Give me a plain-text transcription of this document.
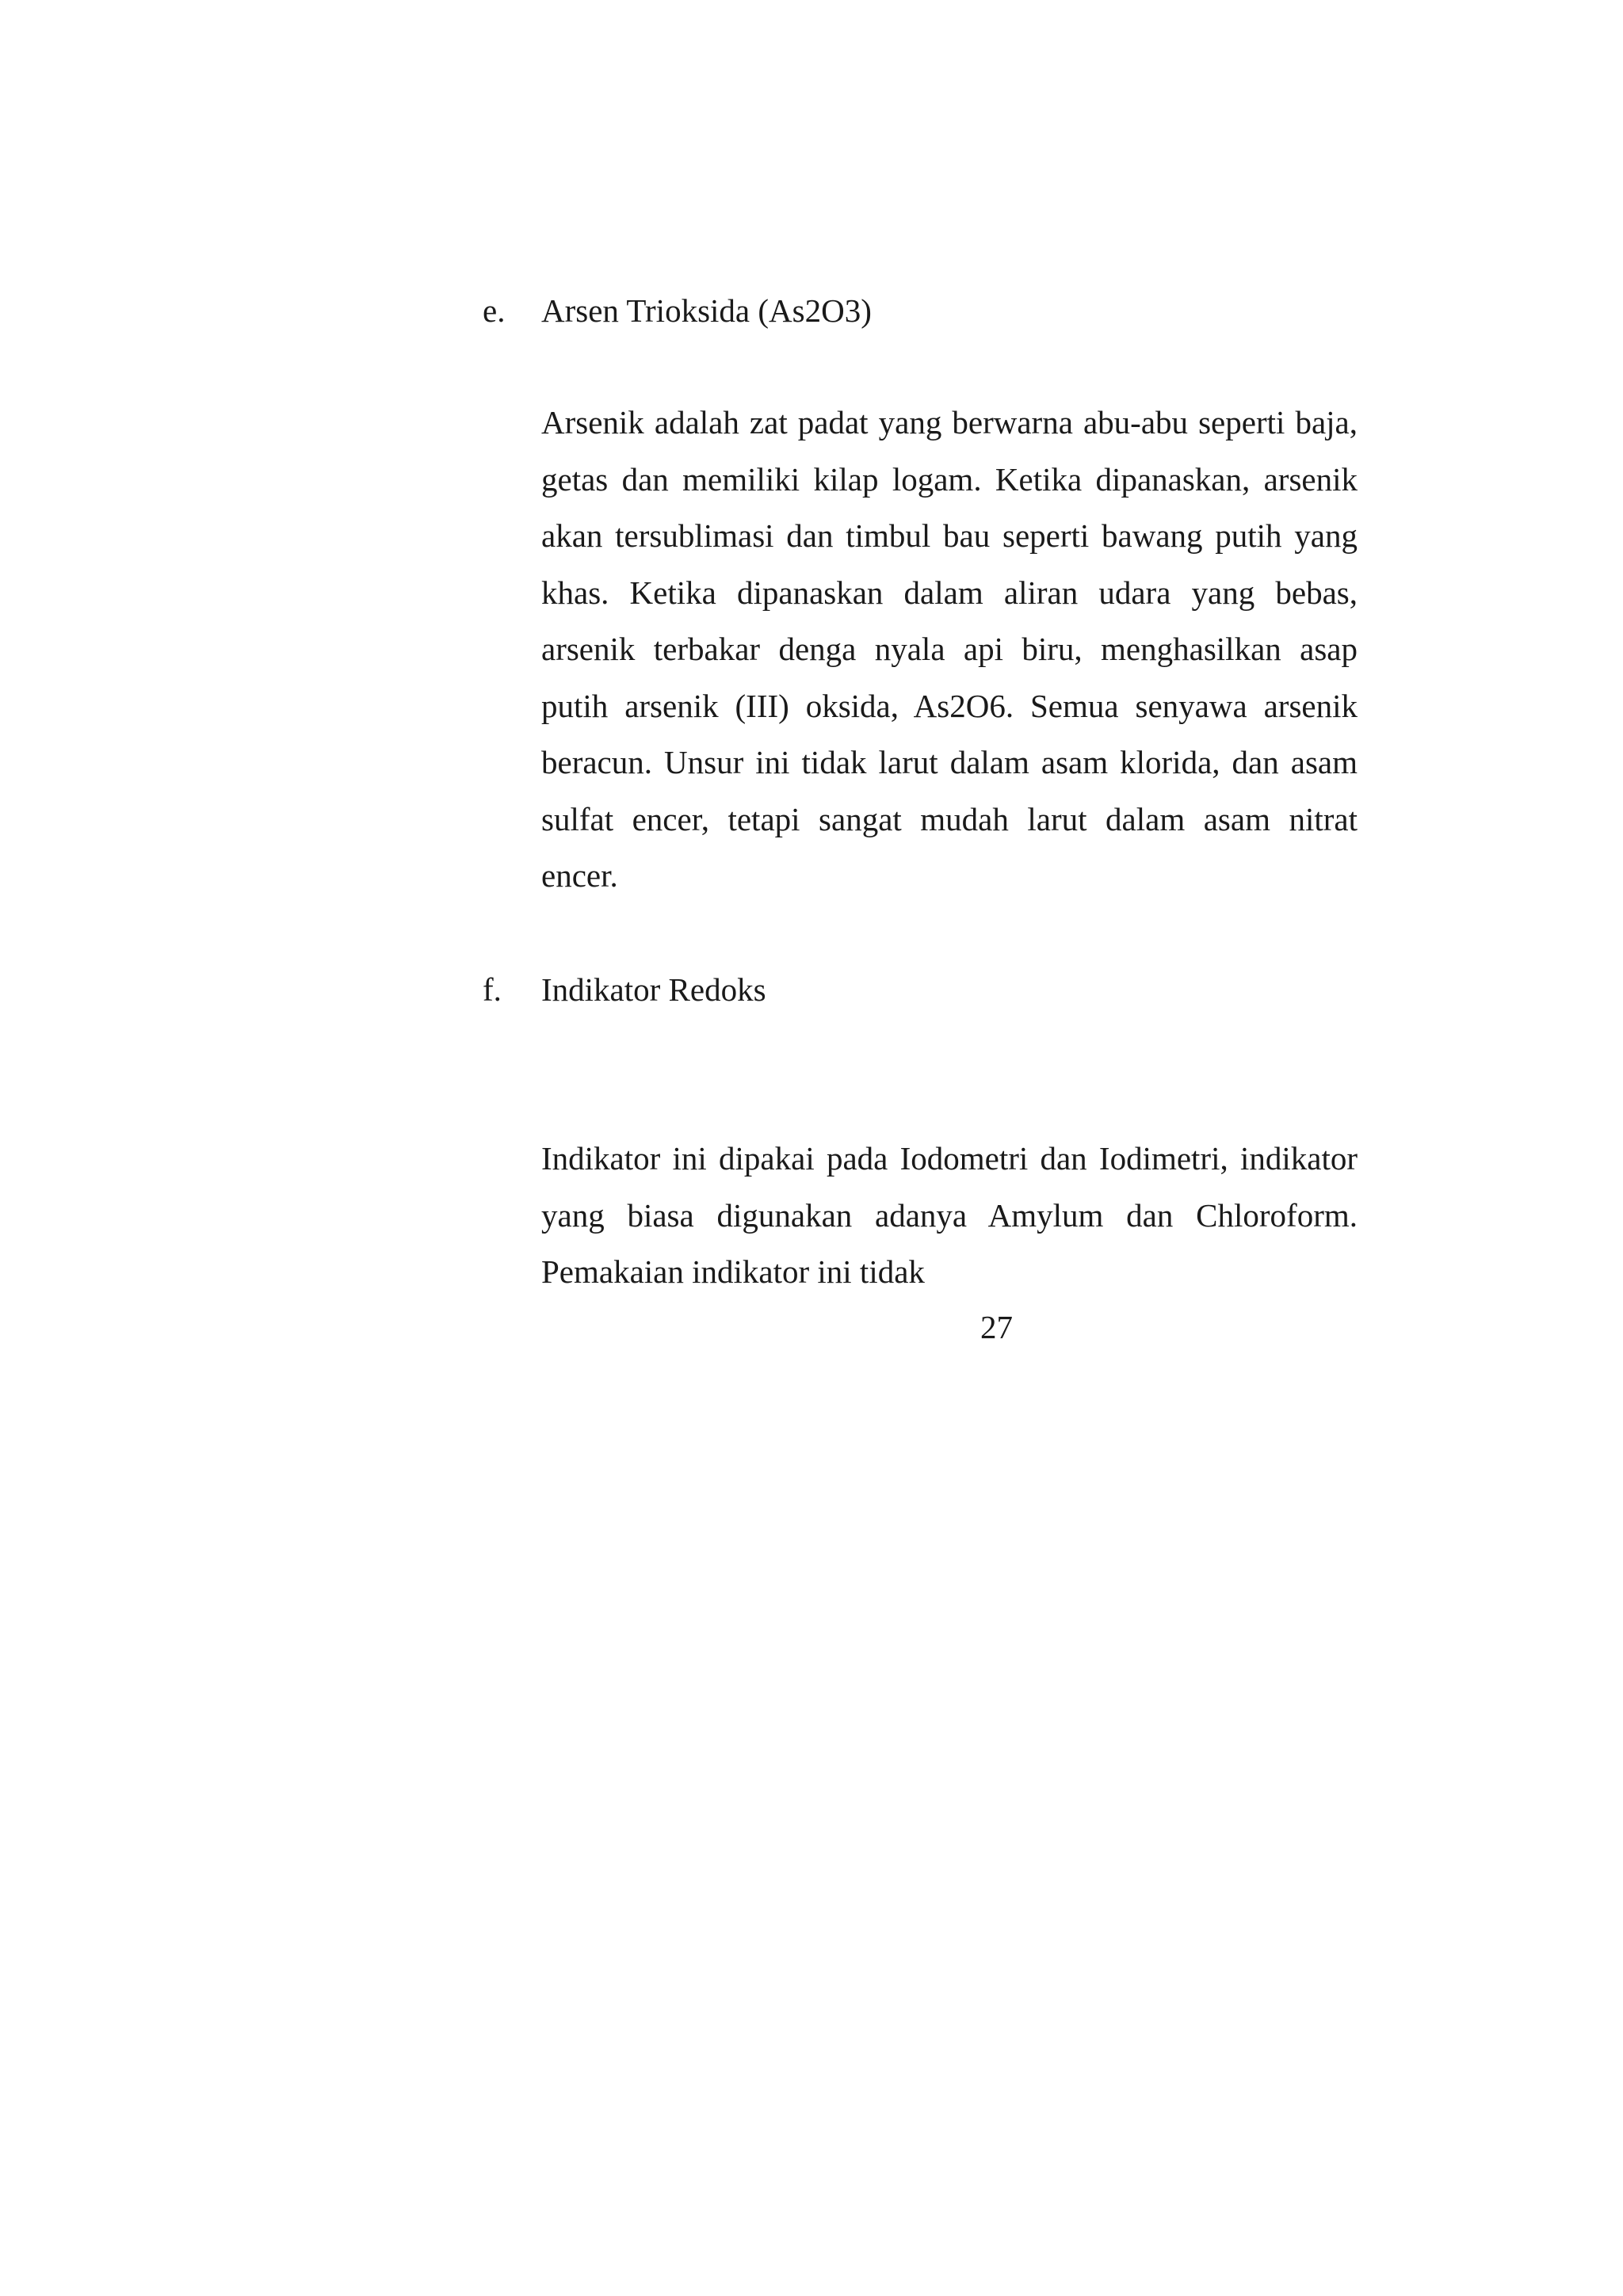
e. Arsen Trioksida (As2O3)

Arsenik adalah zat padat yang berwarna abu-abu seperti baja, getas dan memiliki kilap logam. Ketika dipanaskan, arsenik akan tersublimasi dan timbul bau seperti bawang putih yang khas. Ketika dipanaskan dalam aliran udara yang bebas, arsenik terbakar denga nyala api biru, menghasilkan asap putih arsenik (III) oksida, As2O6. Semua senyawa arsenik beracun. Unsur ini tidak larut dalam asam klorida, dan asam sulfat encer, tetapi sangat mudah larut dalam asam nitrat encer.

f. Indikator Redoks

Indikator ini dipakai pada Iodometri dan Iodimetri, indikator yang biasa digunakan adanya Amylum dan Chloroform. Pemakaian indikator ini tidak

27
